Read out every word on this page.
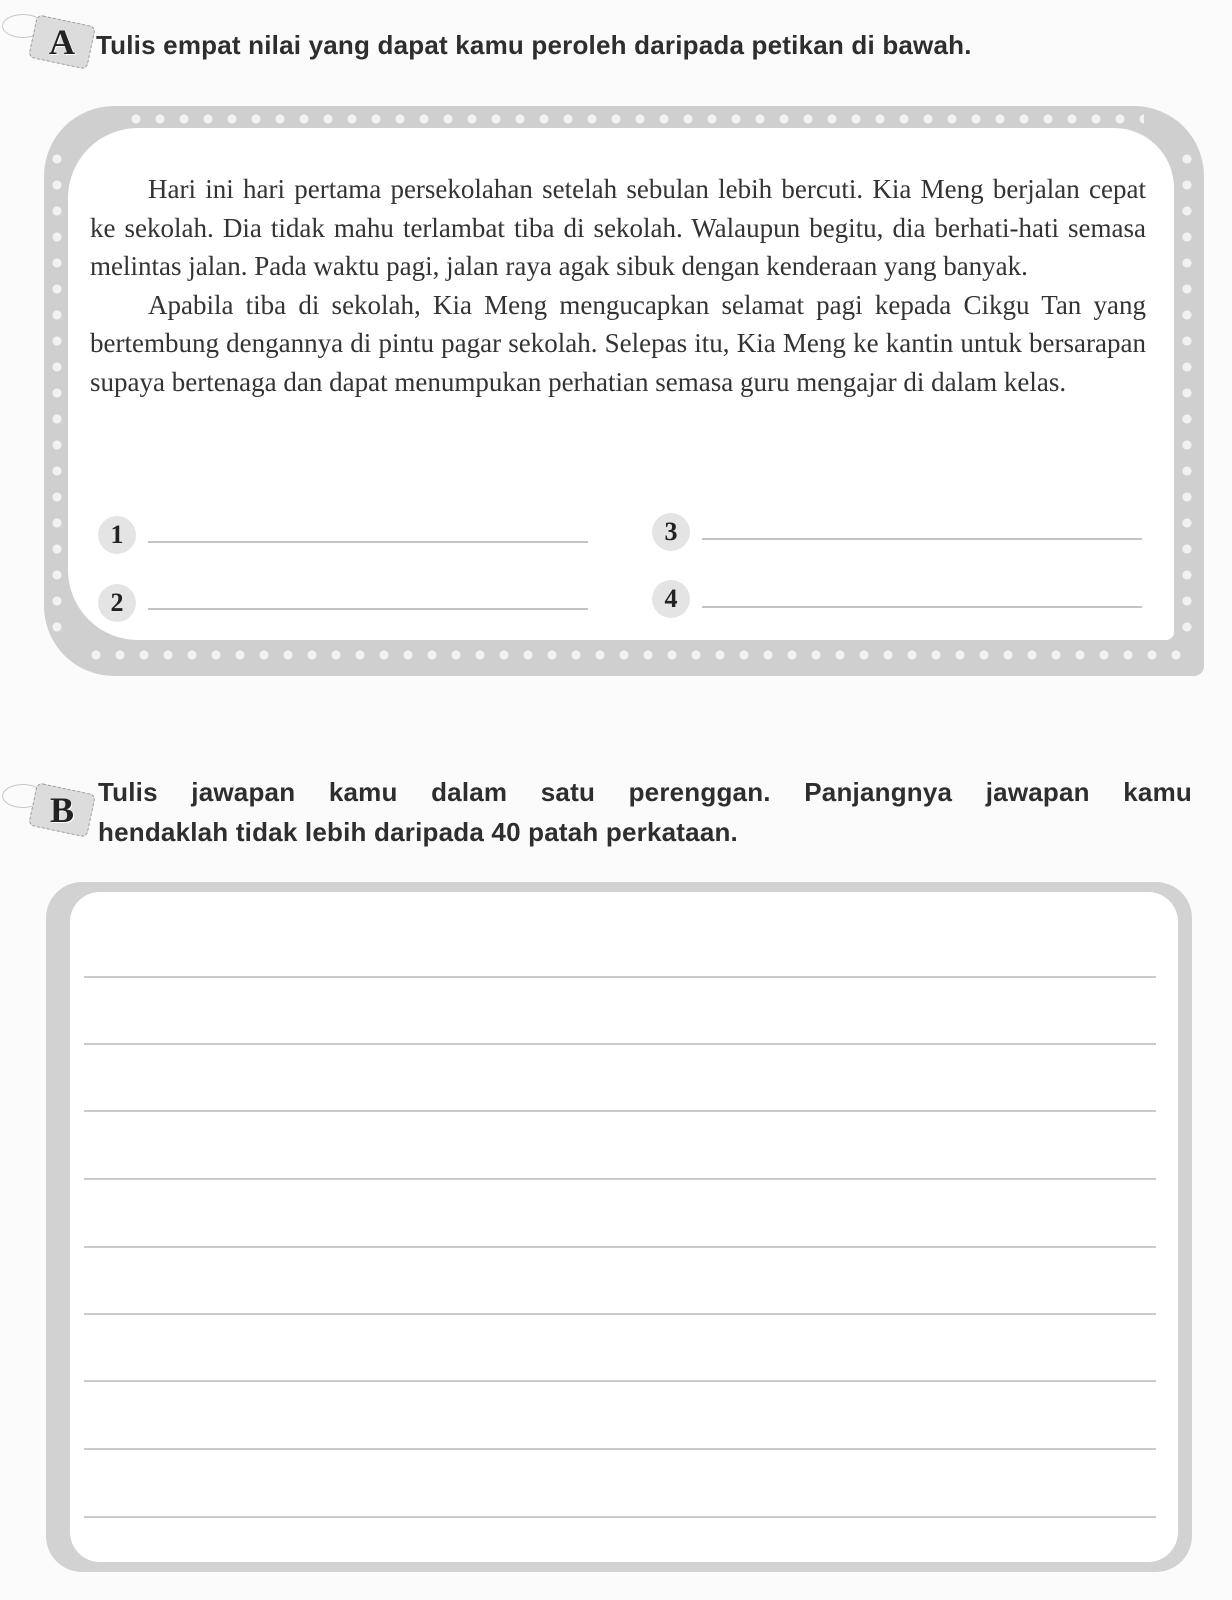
A Tulis empat nilai yang dapat kamu peroleh daripada petikan di bawah.

Hari ini hari pertama persekolahan setelah sebulan lebih bercuti. Kia Meng berjalan cepat ke sekolah. Dia tidak mahu terlambat tiba di sekolah. Walaupun begitu, dia berhati-hati semasa melintas jalan. Pada waktu pagi, jalan raya agak sibuk dengan kenderaan yang banyak.

Apabila tiba di sekolah, Kia Meng mengucapkan selamat pagi kepada Cikgu Tan yang bertembung dengannya di pintu pagar sekolah. Selepas itu, Kia Meng ke kantin untuk bersarapan supaya bertenaga dan dapat menumpukan perhatian semasa guru mengajar di dalam kelas.

1
2
3
4
B Tulis jawapan kamu dalam satu perenggan. Panjangnya jawapan kamu
hendaklah tidak lebih daripada 40 patah perkataan.
